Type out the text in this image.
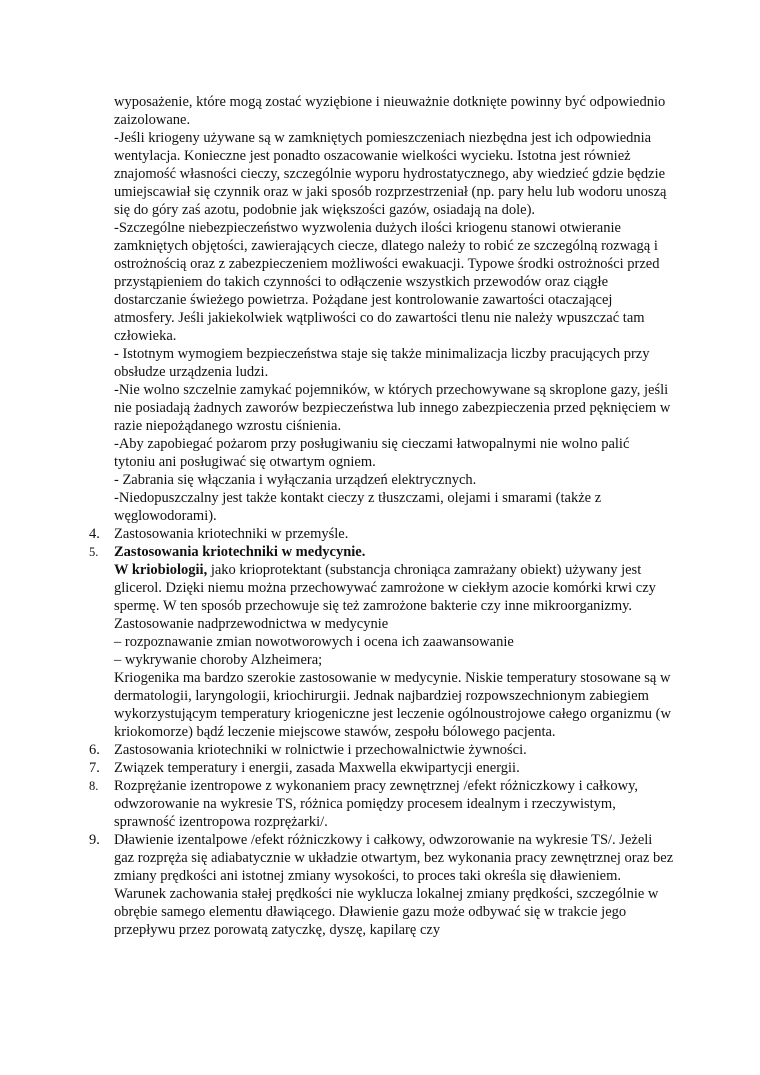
wyposażenie, które mogą zostać wyziębione i nieuważnie dotknięte powinny być odpowiednio zaizolowane.

-Jeśli kriogeny używane są w zamkniętych pomieszczeniach niezbędna jest ich odpowiednia wentylacja. Konieczne jest ponadto oszacowanie wielkości wycieku. Istotna jest również znajomość własności cieczy, szczególnie wyporu hydrostatycznego, aby wiedzieć gdzie będzie umiejscawiał się czynnik oraz w jaki sposób rozprzestrzeniał (np. pary helu lub wodoru unoszą się do góry zaś azotu, podobnie jak większości gazów, osiadają na dole).

-Szczególne niebezpieczeństwo wyzwolenia dużych ilości kriogenu stanowi otwieranie zamkniętych objętości, zawierających ciecze, dlatego należy to robić ze szczególną rozwagą i ostrożnością oraz z zabezpieczeniem możliwości ewakuacji. Typowe środki ostrożności przed przystąpieniem do takich czynności to odłączenie wszystkich przewodów oraz ciągłe dostarczanie świeżego powietrza. Pożądane jest kontrolowanie zawartości otaczającej atmosfery. Jeśli jakiekolwiek wątpliwości co do zawartości tlenu nie należy wpuszczać tam człowieka.

- Istotnym wymogiem bezpieczeństwa staje się także minimalizacja liczby pracujących przy obsłudze urządzenia ludzi.

-Nie wolno szczelnie zamykać pojemników, w których przechowywane są skroplone gazy, jeśli nie posiadają żadnych zaworów bezpieczeństwa lub innego zabezpieczenia przed pęknięciem w razie niepożądanego wzrostu ciśnienia.

-Aby zapobiegać pożarom przy posługiwaniu się cieczami łatwopalnymi nie wolno palić tytoniu ani posługiwać się otwartym ogniem.

- Zabrania się włączania i wyłączania urządzeń elektrycznych.

-Niedopuszczalny jest także kontakt cieczy z tłuszczami, olejami i smarami (także z węglowodorami).

4. Zastosowania kriotechniki w przemyśle.
5. Zastosowania kriotechniki w medycynie.

W kriobiologii, jako krioprotektant (substancja chroniąca zamrażany obiekt) używany jest glicerol. Dzięki niemu można przechowywać zamrożone w ciekłym azocie komórki krwi czy spermę. W ten sposób przechowuje się też zamrożone bakterie czy inne mikroorganizmy.

Zastosowanie nadprzewodnictwa w medycynie

– rozpoznawanie zmian nowotworowych i ocena ich zaawansowanie

– wykrywanie choroby Alzheimera;

Kriogenika ma bardzo szerokie zastosowanie w medycynie. Niskie temperatury stosowane są w dermatologii, laryngologii, kriochirurgii. Jednak najbardziej rozpowszechnionym zabiegiem wykorzystującym temperatury kriogeniczne jest leczenie ogólnoustrojowe całego organizmu (w kriokomorze) bądź leczenie miejscowe stawów, zespołu bólowego pacjenta.

6. Zastosowania kriotechniki w rolnictwie i przechowalnictwie żywności.
7. Związek temperatury i energii, zasada Maxwella ekwipartycji energii.
8. Rozprężanie izentropowe z wykonaniem pracy zewnętrznej /efekt różniczkowy i całkowy, odwzorowanie na wykresie TS, różnica pomiędzy procesem idealnym i rzeczywistym, sprawność izentropowa rozprężarki/.
9. Dławienie izentalpowe /efekt różniczkowy i całkowy, odwzorowanie na wykresie TS/. Jeżeli gaz rozpręża się adiabatycznie w układzie otwartym, bez wykonania pracy zewnętrznej oraz bez zmiany prędkości ani istotnej zmiany wysokości, to proces taki określa się dławieniem. Warunek zachowania stałej prędkości nie wyklucza lokalnej zmiany prędkości, szczególnie w obrębie samego elementu dławiącego. Dławienie gazu może odbywać się w trakcie jego przepływu przez porowatą zatyczkę, dyszę, kapilarę czy
